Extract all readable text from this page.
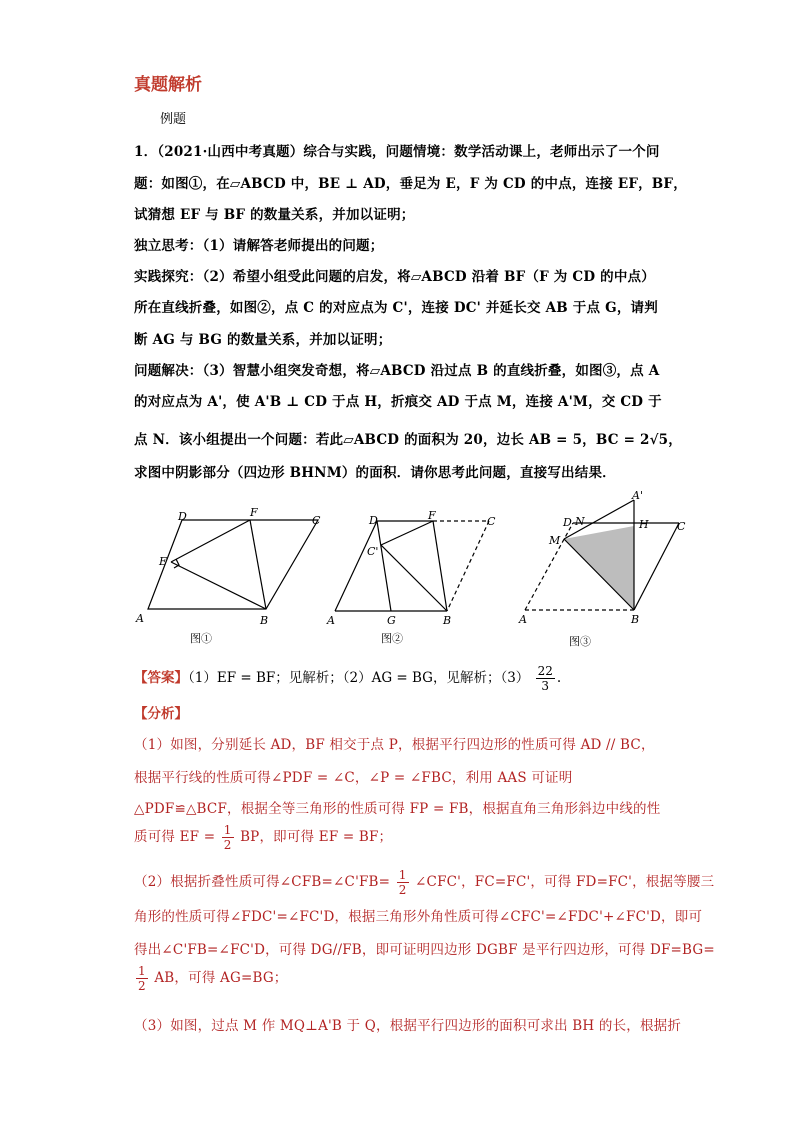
真题解析
例题
1．（2021·山西中考真题）综合与实践，问题情境：数学活动课上，老师出示了一个问
题：如图①，在▱ABCD 中，BE ⊥ AD，垂足为 E，F 为 CD 的中点，连接 EF，BF，
试猜想 EF 与 BF 的数量关系，并加以证明；
独立思考：（1）请解答老师提出的问题；
实践探究：（2）希望小组受此问题的启发，将▱ABCD 沿着 BF（F 为 CD 的中点）
所在直线折叠，如图②，点 C 的对应点为 C'，连接 DC' 并延长交 AB 于点 G，请判
断 AG 与 BG 的数量关系，并加以证明；
问题解决：（3）智慧小组突发奇想，将▱ABCD 沿过点 B 的直线折叠，如图③，点 A
的对应点为 A'，使 A'B ⊥ CD 于点 H，折痕交 AD 于点 M，连接 A'M，交 CD 于
点 N．该小组提出一个问题：若此▱ABCD 的面积为 20，边长 AB = 5，BC = 2√5，
求图中阴影部分（四边形 BHNM）的面积．请你思考此问题，直接写出结果．
A	B
C
D
E
F
图①
A	B
C
D	F
G
C'
图②
A	B
C
D	H
M
N
A'
图③
【答案】（1）EF = BF；见解析；（2）AG = BG，见解析；$(3) \frac{22}{3}$ .
【分析】
（1）如图，分别延长 AD，BF 相交于点 P，根据平行四边形的性质可得 AD // BC，
根据平行线的性质可得∠PDF = ∠C，∠P = ∠FBC，利用 AAS 可证明
△PDF≌△BCF，根据全等三角形的性质可得 FP = FB，根据直角三角形斜边中线的性
质可得 EF = $\frac{1}{2}$ BP，即可得 EF = BF；
（2）根据折叠性质可得∠CFB=∠C'FB= $\frac{1}{2}$ ∠CFC'，FC=FC'，可得 FD=FC'，根据等腰三
角形的性质可得∠FDC'=∠FC'D，根据三角形外角性质可得∠CFC'=∠FDC'+∠FC'D，即可
得出∠C'FB=∠FC'D，可得 DG//FB，即可证明四边形 DGBF 是平行四边形，可得 DF=BG=
$\frac{1}{2}$ AB，可得 AG=BG；
（3）如图，过点 M 作 MQ⊥A'B 于 Q，根据平行四边形的面积可求出 BH 的长，根据折
